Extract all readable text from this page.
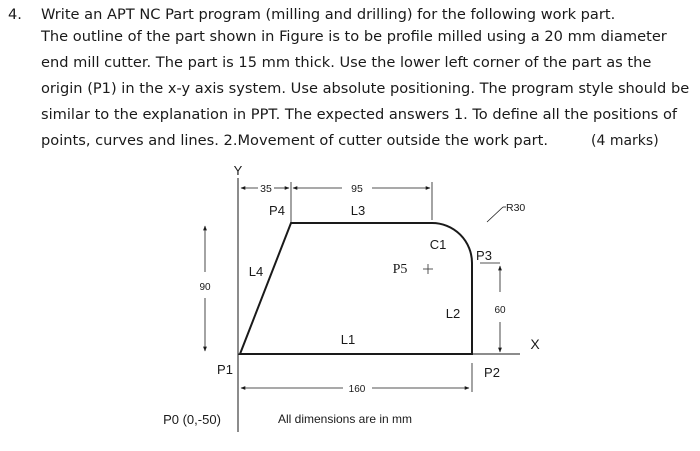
4. Write an APT NC Part program (milling and drilling) for the following work part.
The outline of the part shown in Figure is to be profile milled using a 20 mm diameter
end mill cutter. The part is 15 mm thick. Use the lower left corner of the part as the
origin (P1) in the x-y axis system. Use absolute positioning. The program style should be
similar to the explanation in PPT. The expected answers 1. To define all the positions of
points, curves and lines. 2.Movement of cutter outside the work part.	(4 marks)
35	95
R30
90
60
160
Y
X
P4	L3
C1
P3
L4	P5
L2
L1
P1	P2
P0 (0,-50)	All dimensions are in mm
